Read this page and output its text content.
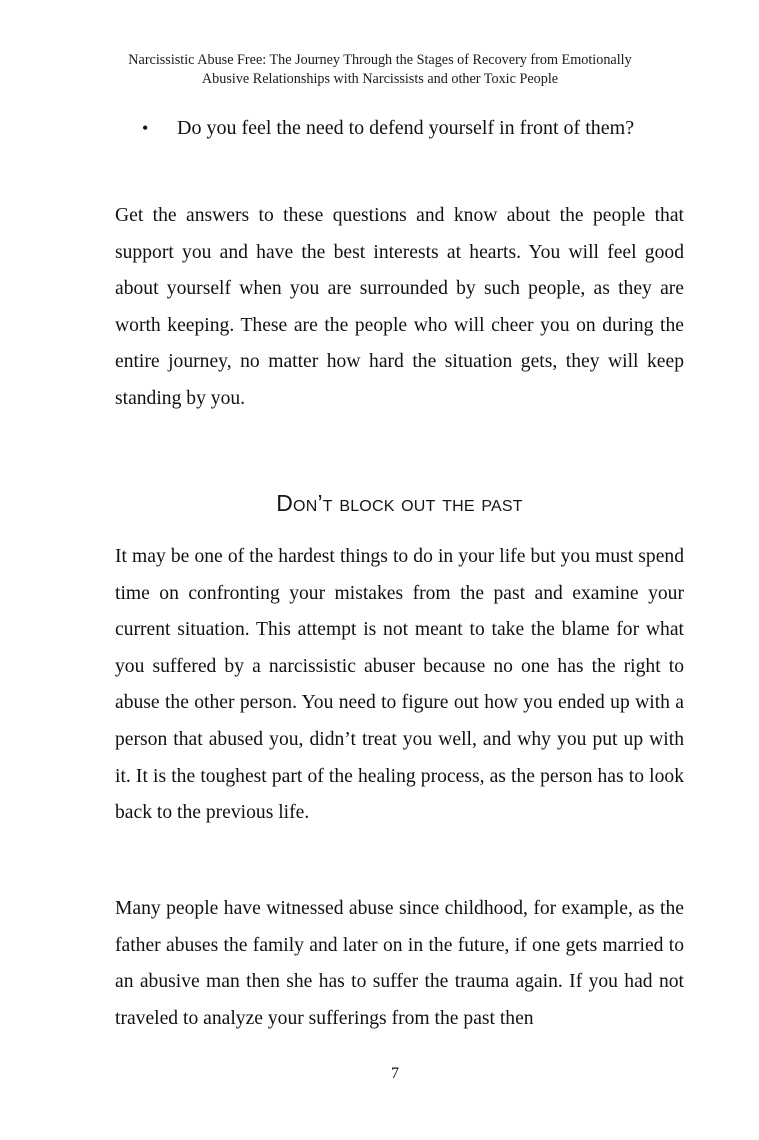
Narcissistic Abuse Free: The Journey Through the Stages of Recovery from Emotionally
Abusive Relationships with Narcissists and other Toxic People
• Do you feel the need to defend yourself in front of them?

Get the answers to these questions and know about the people that support you and have the best interests at hearts. You will feel good about yourself when you are surrounded by such people, as they are worth keeping. These are the people who will cheer you on during the entire journey, no matter how hard the situation gets, they will keep standing by you.

Don’t block out the past

It may be one of the hardest things to do in your life but you must spend time on confronting your mistakes from the past and examine your current situation. This attempt is not meant to take the blame for what you suffered by a narcissistic abuser because no one has the right to abuse the other person. You need to figure out how you ended up with a person that abused you, didn’t treat you well, and why you put up with it. It is the toughest part of the healing process, as the person has to look back to the previous life.

Many people have witnessed abuse since childhood, for example, as the father abuses the family and later on in the future, if one gets married to an abusive man then she has to suffer the trauma again. If you had not traveled to analyze your sufferings from the past then

7
